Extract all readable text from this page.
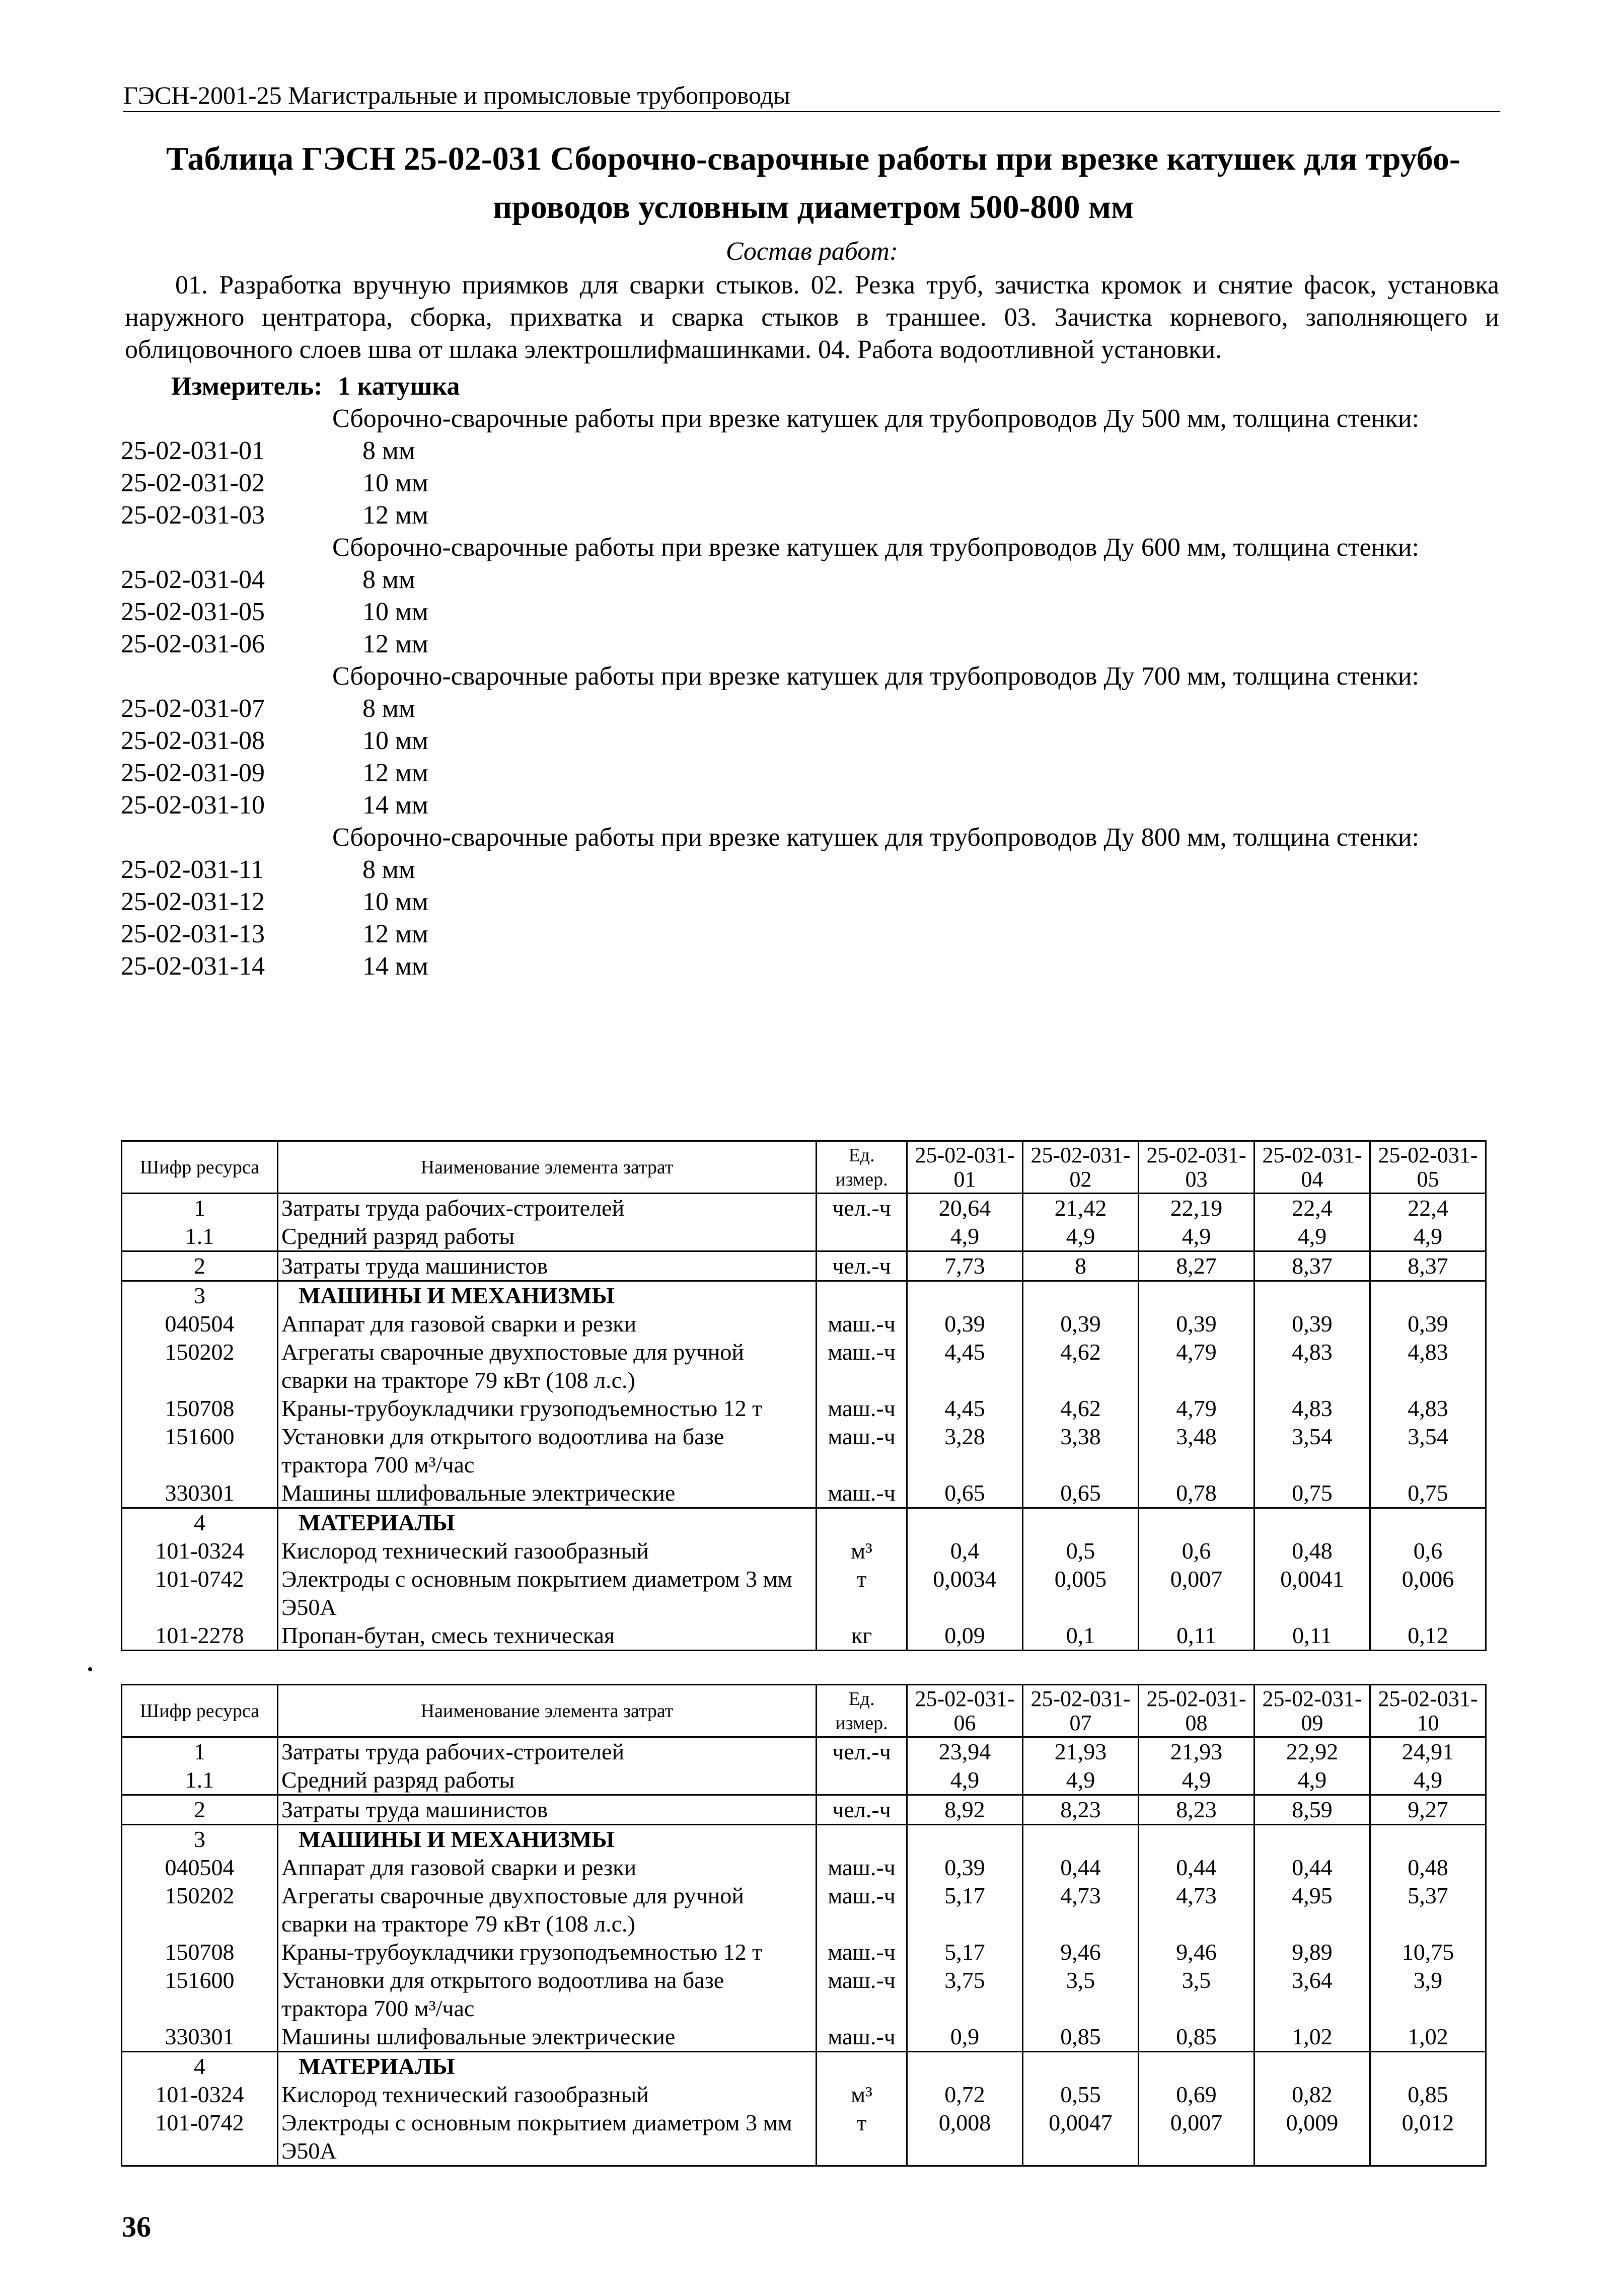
ГЭСН-2001-25 Магистральные и промысловые трубопроводы
Таблица ГЭСН 25-02-031 Сборочно-сварочные работы при врезке катушек для трубо-
проводов условным диаметром 500-800 мм
Состав работ:
01. Разработка вручную приямков для сварки стыков. 02. Резка труб, зачистка кромок и снятие фасок, установка наружного центратора, сборка, прихватка и сварка стыков в траншее. 03. Зачистка корневого, заполняющего и облицовочного слоев шва от шлака электрошлифмашинками. 04. Работа водоотливной установки.
Измеритель: 1 катушка
Сборочно-сварочные работы при врезке катушек для трубопроводов Ду 500 мм, толщина стенки:
25-02-031-01	8 мм
25-02-031-02	10 мм
25-02-031-03	12 мм
Сборочно-сварочные работы при врезке катушек для трубопроводов Ду 600 мм, толщина стенки:
25-02-031-04	8 мм
25-02-031-05	10 мм
25-02-031-06	12 мм
Сборочно-сварочные работы при врезке катушек для трубопроводов Ду 700 мм, толщина стенки:
25-02-031-07	8 мм
25-02-031-08	10 мм
25-02-031-09	12 мм
25-02-031-10	14 мм
Сборочно-сварочные работы при врезке катушек для трубопроводов Ду 800 мм, толщина стенки:
25-02-031-11	8 мм
25-02-031-12	10 мм
25-02-031-13	12 мм
25-02-031-14	14 мм
Шифр ресурса	Наименование элемента затрат	Ед. измер.	25-02-031-01	25-02-031-02	25-02-031-03	25-02-031-04	25-02-031-05
1	Затраты труда рабочих-строителей	чел.-ч	20,64	21,42	22,19	22,4	22,4
1.1	Средний разряд работы		4,9	4,9	4,9	4,9	4,9
2	Затраты труда машинистов	чел.-ч	7,73	8	8,27	8,37	8,37
3	МАШИНЫ И МЕХАНИЗМЫ						
040504	Аппарат для газовой сварки и резки	маш.-ч	0,39	0,39	0,39	0,39	0,39
150202	Агрегаты сварочные двухпостовые для ручной сварки на тракторе 79 кВт (108 л.с.)	маш.-ч	4,45	4,62	4,79	4,83	4,83
150708	Краны-трубоукладчики грузоподъемностью 12 т	маш.-ч	4,45	4,62	4,79	4,83	4,83
151600	Установки для открытого водоотлива на базе трактора 700 м³/час	маш.-ч	3,28	3,38	3,48	3,54	3,54
330301	Машины шлифовальные электрические	маш.-ч	0,65	0,65	0,78	0,75	0,75
4	МАТЕРИАЛЫ						
101-0324	Кислород технический газообразный	м³	0,4	0,5	0,6	0,48	0,6
101-0742	Электроды с основным покрытием диаметром 3 мм Э50А	т	0,0034	0,005	0,007	0,0041	0,006
101-2278	Пропан-бутан, смесь техническая	кг	0,09	0,1	0,11	0,11	0,12
Шифр ресурса	Наименование элемента затрат	Ед. измер.	25-02-031-06	25-02-031-07	25-02-031-08	25-02-031-09	25-02-031-10
1	Затраты труда рабочих-строителей	чел.-ч	23,94	21,93	21,93	22,92	24,91
1.1	Средний разряд работы		4,9	4,9	4,9	4,9	4,9
2	Затраты труда машинистов	чел.-ч	8,92	8,23	8,23	8,59	9,27
3	МАШИНЫ И МЕХАНИЗМЫ						
040504	Аппарат для газовой сварки и резки	маш.-ч	0,39	0,44	0,44	0,44	0,48
150202	Агрегаты сварочные двухпостовые для ручной сварки на тракторе 79 кВт (108 л.с.)	маш.-ч	5,17	4,73	4,73	4,95	5,37
150708	Краны-трубоукладчики грузоподъемностью 12 т	маш.-ч	5,17	9,46	9,46	9,89	10,75
151600	Установки для открытого водоотлива на базе трактора 700 м³/час	маш.-ч	3,75	3,5	3,5	3,64	3,9
330301	Машины шлифовальные электрические	маш.-ч	0,9	0,85	0,85	1,02	1,02
4	МАТЕРИАЛЫ						
101-0324	Кислород технический газообразный	м³	0,72	0,55	0,69	0,82	0,85
101-0742	Электроды с основным покрытием диаметром 3 мм Э50А	т	0,008	0,0047	0,007	0,009	0,012
36
